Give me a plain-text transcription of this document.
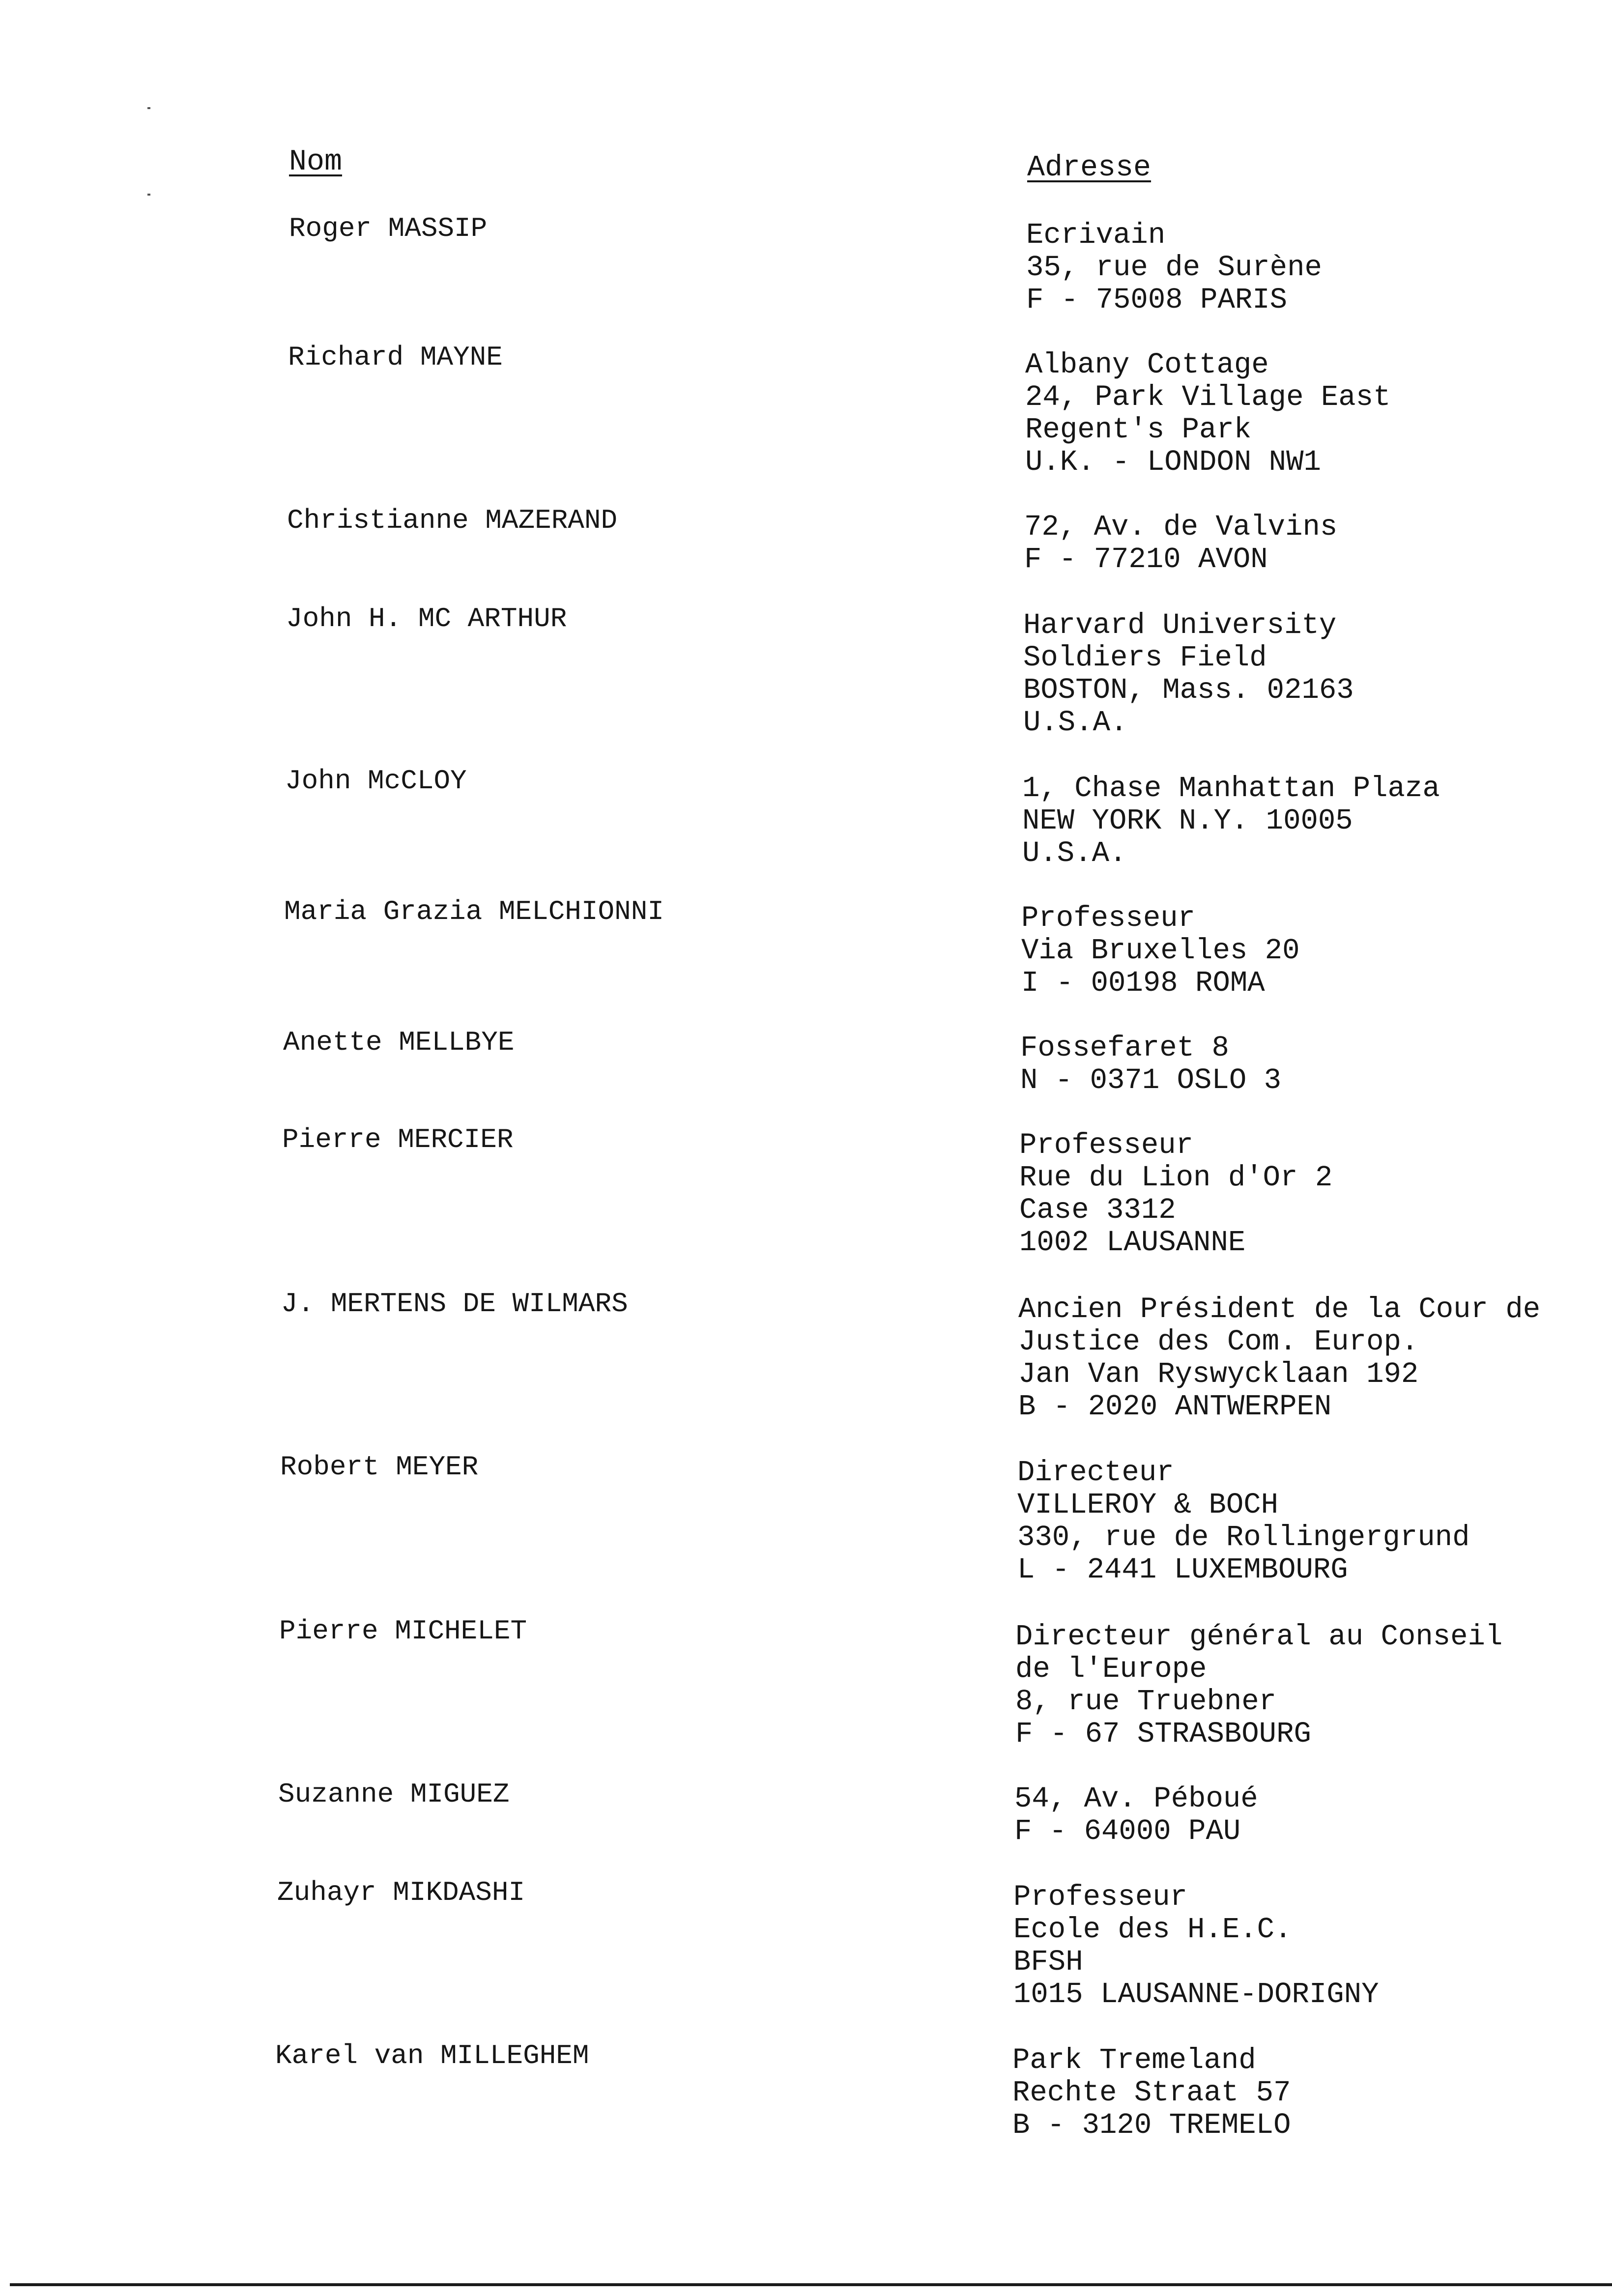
Nom	Adresse
Roger MASSIP	Ecrivain
35, rue de Surène
F - 75008 PARIS
Richard MAYNE	Albany Cottage
24, Park Village East
Regent's Park
U.K. - LONDON NW1
Christianne MAZERAND	72, Av. de Valvins
F - 77210 AVON
John H. MC ARTHUR	Harvard University
Soldiers Field
BOSTON, Mass. 02163
U.S.A.
John McCLOY	1, Chase Manhattan Plaza
NEW YORK N.Y. 10005
U.S.A.
Maria Grazia MELCHIONNI	Professeur
Via Bruxelles 20
I - 00198 ROMA
Anette MELLBYE	Fossefaret 8
N - 0371 OSLO 3
Pierre MERCIER	Professeur
Rue du Lion d'Or 2
Case 3312
1002 LAUSANNE
J. MERTENS DE WILMARS	Ancien Président de la Cour de
Justice des Com. Europ.
Jan Van Ryswycklaan 192
B - 2020 ANTWERPEN
Robert MEYER	Directeur
VILLEROY & BOCH
330, rue de Rollingergrund
L - 2441 LUXEMBOURG
Pierre MICHELET	Directeur général au Conseil
de l'Europe
8, rue Truebner
F - 67 STRASBOURG
Suzanne MIGUEZ	54, Av. Péboué
F - 64000 PAU
Zuhayr MIKDASHI	Professeur
Ecole des H.E.C.
BFSH
1015 LAUSANNE-DORIGNY
Karel van MILLEGHEM	Park Tremeland
Rechte Straat 57
B - 3120 TREMELO
